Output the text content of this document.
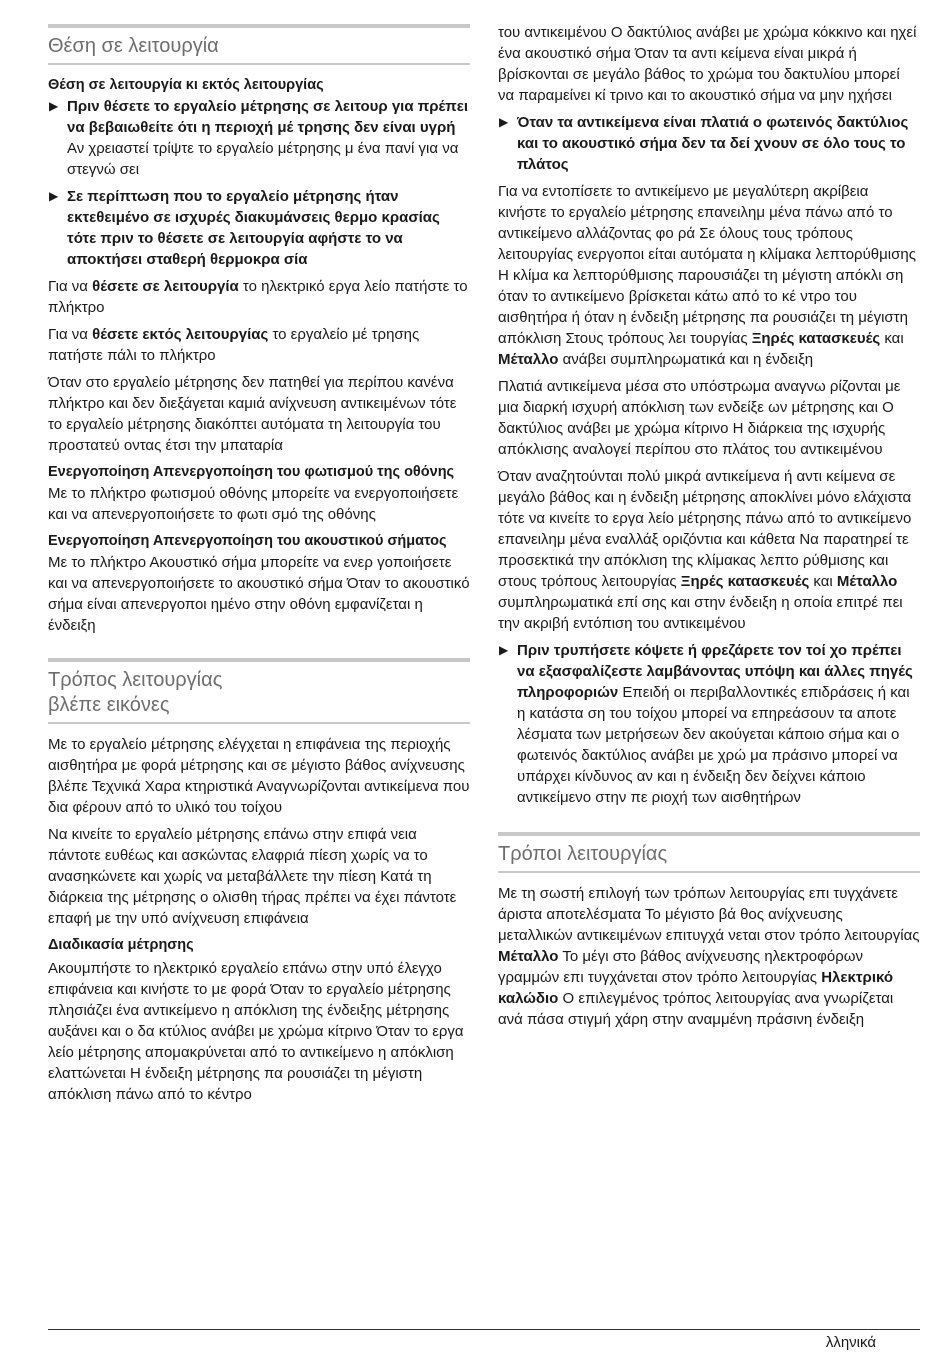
Θέση σε λειτουργία
Θέση σε λειτουργία κι εκτός λειτουργίας
▶ Πριν θέσετε το εργαλείο μέτρησης σε λειτουρ για πρέπει να βεβαιωθείτε ότι η περιοχή μέ τρησης δεν είναι υγρή Αν χρειαστεί τρίψτε το εργαλείο μέτρησης μ ένα πανί για να στεγνώ σει
▶ Σε περίπτωση που το εργαλείο μέτρησης ήταν εκτεθειμένο σε ισχυρές διακυμάνσεις θερμο κρασίας τότε πριν το θέσετε σε λειτουργία αφήστε το να αποκτήσει σταθερή θερμοκρα σία

Για να θέσετε σε λειτουργία το ηλεκτρικό εργα λείο πατήστε το πλήκτρο

Για να θέσετε εκτός λειτουργίας το εργαλείο μέ τρησης πατήστε πάλι το πλήκτρο

Όταν στο εργαλείο μέτρησης δεν πατηθεί για περίπου κανένα πλήκτρο και δεν διεξάγεται καμιά ανίχνευση αντικειμένων τότε το εργαλείο μέτρησης διακόπτει αυτόματα τη λειτουργία του προστατεύ οντας έτσι την μπαταρία

Ενεργοποίηση Απενεργοποίηση του φωτισμού της οθόνης

Με το πλήκτρο φωτισμού οθόνης μπορείτε να ενεργοποιήσετε και να απενεργοποιήσετε το φωτι σμό της οθόνης

Ενεργοποίηση Απενεργοποίηση του ακουστικού σήματος

Με το πλήκτρο Ακουστικό σήμα μπορείτε να ενερ γοποιήσετε και να απενεργοποιήσετε το ακουστικό σήμα Όταν το ακουστικό σήμα είναι απενεργοποι ημένο στην οθόνη εμφανίζεται η ένδειξη

Τρόπος λειτουργίας
βλέπε εικόνες

Με το εργαλείο μέτρησης ελέγχεται η επιφάνεια της περιοχής αισθητήρα με φορά μέτρησης και σε μέγιστο βάθος ανίχνευσης βλέπε Τεχνικά Χαρα κτηριστικά Αναγνωρίζονται αντικείμενα που δια φέρουν από το υλικό του τοίχου

Να κινείτε το εργαλείο μέτρησης επάνω στην επιφά νεια πάντοτε ευθέως και ασκώντας ελαφριά πίεση χωρίς να το ανασηκώνετε και χωρίς να μεταβάλλετε την πίεση Κατά τη διάρκεια της μέτρησης ο ολισθη τήρας πρέπει να έχει πάντοτε επαφή με την υπό ανίχνευση επιφάνεια

Διαδικασία μέτρησης

Ακουμπήστε το ηλεκτρικό εργαλείο επάνω στην υπό έλεγχο επιφάνεια και κινήστε το με φορά Όταν το εργαλείο μέτρησης πλησιάζει ένα αντικείμενο η απόκλιση της ένδειξης μέτρησης αυξάνει και ο δα κτύλιος ανάβει με χρώμα κίτρινο Όταν το εργα λείο μέτρησης απομακρύνεται από το αντικείμενο η απόκλιση ελαττώνεται Η ένδειξη μέτρησης πα ρουσιάζει τη μέγιστη απόκλιση πάνω από το κέντρο

του αντικειμένου Ο δακτύλιος ανάβει με χρώμα κόκκινο και ηχεί ένα ακουστικό σήμα Όταν τα αντι κείμενα είναι μικρά ή βρίσκονται σε μεγάλο βάθος το χρώμα του δακτυλίου μπορεί να παραμείνει κί τρινο και το ακουστικό σήμα να μην ηχήσει

▶ Όταν τα αντικείμενα είναι πλατιά ο φωτεινός δακτύλιος και το ακουστικό σήμα δεν τα δεί χνουν σε όλο τους το πλάτος

Για να εντοπίσετε το αντικείμενο με μεγαλύτερη ακρίβεια κινήστε το εργαλείο μέτρησης επανειλημ μένα πάνω από το αντικείμενο αλλάζοντας φο ρά Σε όλους τους τρόπους λειτουργίας ενεργοποι είται αυτόματα η κλίμακα λεπτορύθμισης Η κλίμα κα λεπτορύθμισης παρουσιάζει τη μέγιστη απόκλι ση όταν το αντικείμενο βρίσκεται κάτω από το κέ ντρο του αισθητήρα ή όταν η ένδειξη μέτρησης πα ρουσιάζει τη μέγιστη απόκλιση Στους τρόπους λει τουργίας Ξηρές κατασκευές και Μέταλλο ανάβει συμπληρωματικά και η ένδειξη

Πλατιά αντικείμενα μέσα στο υπόστρωμα αναγνω ρίζονται με μια διαρκή ισχυρή απόκλιση των ενδείξε ων μέτρησης και Ο δακτύλιος ανάβει με χρώμα κίτρινο Η διάρκεια της ισχυρής απόκλισης αναλογεί περίπου στο πλάτος του αντικειμένου

Όταν αναζητούνται πολύ μικρά αντικείμενα ή αντι κείμενα σε μεγάλο βάθος και η ένδειξη μέτρησης αποκλίνει μόνο ελάχιστα τότε να κινείτε το εργα λείο μέτρησης πάνω από το αντικείμενο επανειλημ μένα εναλλάξ οριζόντια και κάθετα Να παρατηρεί τε προσεκτικά την απόκλιση της κλίμακας λεπτο ρύθμισης και στους τρόπους λειτουργίας Ξηρές κατασκευές και Μέταλλο συμπληρωματικά επί σης και στην ένδειξη η οποία επιτρέ πει την ακριβή εντόπιση του αντικειμένου

▶ Πριν τρυπήσετε κόψετε ή φρεζάρετε τον τοί χο πρέπει να εξασφαλίζεστε λαμβάνοντας υπόψη και άλλες πηγές πληροφοριών Επειδή οι περιβαλλοντικές επιδράσεις ή και η κατάστα ση του τοίχου μπορεί να επηρεάσουν τα αποτε λέσματα των μετρήσεων δεν ακούγεται κάποιο σήμα και ο φωτεινός δακτύλιος ανάβει με χρώ μα πράσινο μπορεί να υπάρχει κίνδυνος αν και η ένδειξη δεν δείχνει κάποιο αντικείμενο στην πε ριοχή των αισθητήρων
Τρόποι λειτουργίας

Με τη σωστή επιλογή των τρόπων λειτουργίας επι τυγχάνετε άριστα αποτελέσματα Το μέγιστο βά θος ανίχνευσης μεταλλικών αντικειμένων επιτυγχά νεται στον τρόπο λειτουργίας Μέταλλο Το μέγι στο βάθος ανίχνευσης ηλεκτροφόρων γραμμών επι τυγχάνεται στον τρόπο λειτουργίας Ηλεκτρικό καλώδιο Ο επιλεγμένος τρόπος λειτουργίας ανα γνωρίζεται ανά πάσα στιγμή χάρη στην αναμμένη πράσινη ένδειξη

λληνικά
